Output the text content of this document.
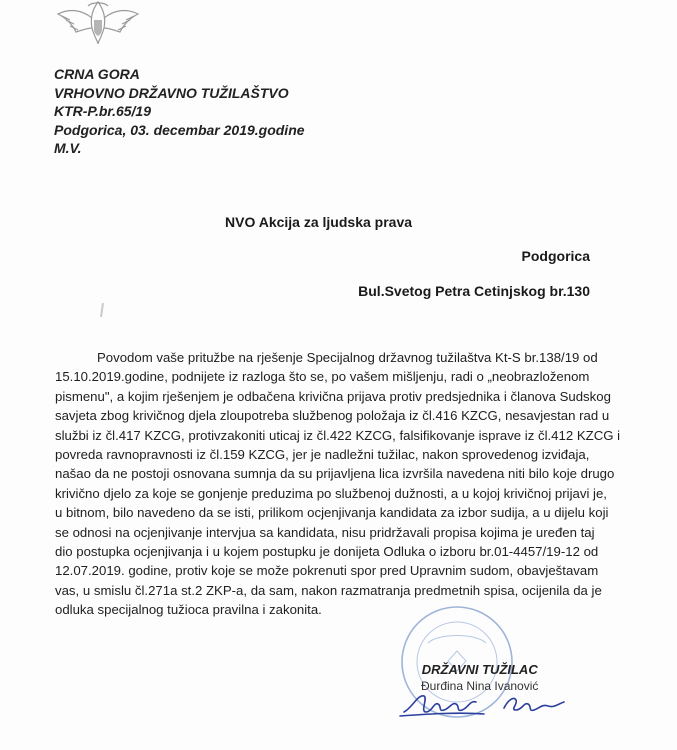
CRNA GORA
VRHOVNO DRŽAVNO TUŽILAŠTVO
KTR-P.br.65/19
Podgorica, 03. decembar 2019.godine
M.V.
NVO Akcija za ljudska prava
Podgorica
Bul.Svetog Petra Cetinjskog br.130
Povodom vaše pritužbe na rješenje Specijalnog državnog tužilaštva Kt-S br.138/19 od
15.10.2019.godine, podnijete iz razloga što se, po vašem mišljenju, radi o „neobrazloženom
pismenu", a kojim rješenjem je odbačena krivična prijava protiv predsjednika i članova Sudskog
savjeta zbog krivičnog djela zloupotreba službenog položaja iz čl.416 KZCG, nesavjestan rad u
službi iz čl.417 KZCG, protivzakoniti uticaj iz čl.422 KZCG, falsifikovanje isprave iz čl.412 KZCG i
povreda ravnopravnosti iz čl.159 KZCG, jer je nadležni tužilac, nakon sprovedenog izviđaja,
našao da ne postoji osnovana sumnja da su prijavljena lica izvršila navedena niti bilo koje drugo
krivično djelo za koje se gonjenje preduzima po službenoj dužnosti, a u kojoj krivičnoj prijavi je,
u bitnom, bilo navedeno da se isti, prilikom ocjenjivanja kandidata za izbor sudija, a u dijelu koji
se odnosi na ocjenjivanje intervjua sa kandidata, nisu pridržavali propisa kojima je uređen taj
dio postupka ocjenjivanja i u kojem postupku je donijeta Odluka o izboru br.01-4457/19-12 od
12.07.2019. godine, protiv koje se može pokrenuti spor pred Upravnim sudom, obavještavam
vas, u smislu čl.271a st.2 ZKP-a, da sam, nakon razmatranja predmetnih spisa, ocijenila da je
odluka specijalnog tužioca pravilna i zakonita.
DRŽAVNI TUŽILAC
Đurđina Nina Ivanović
